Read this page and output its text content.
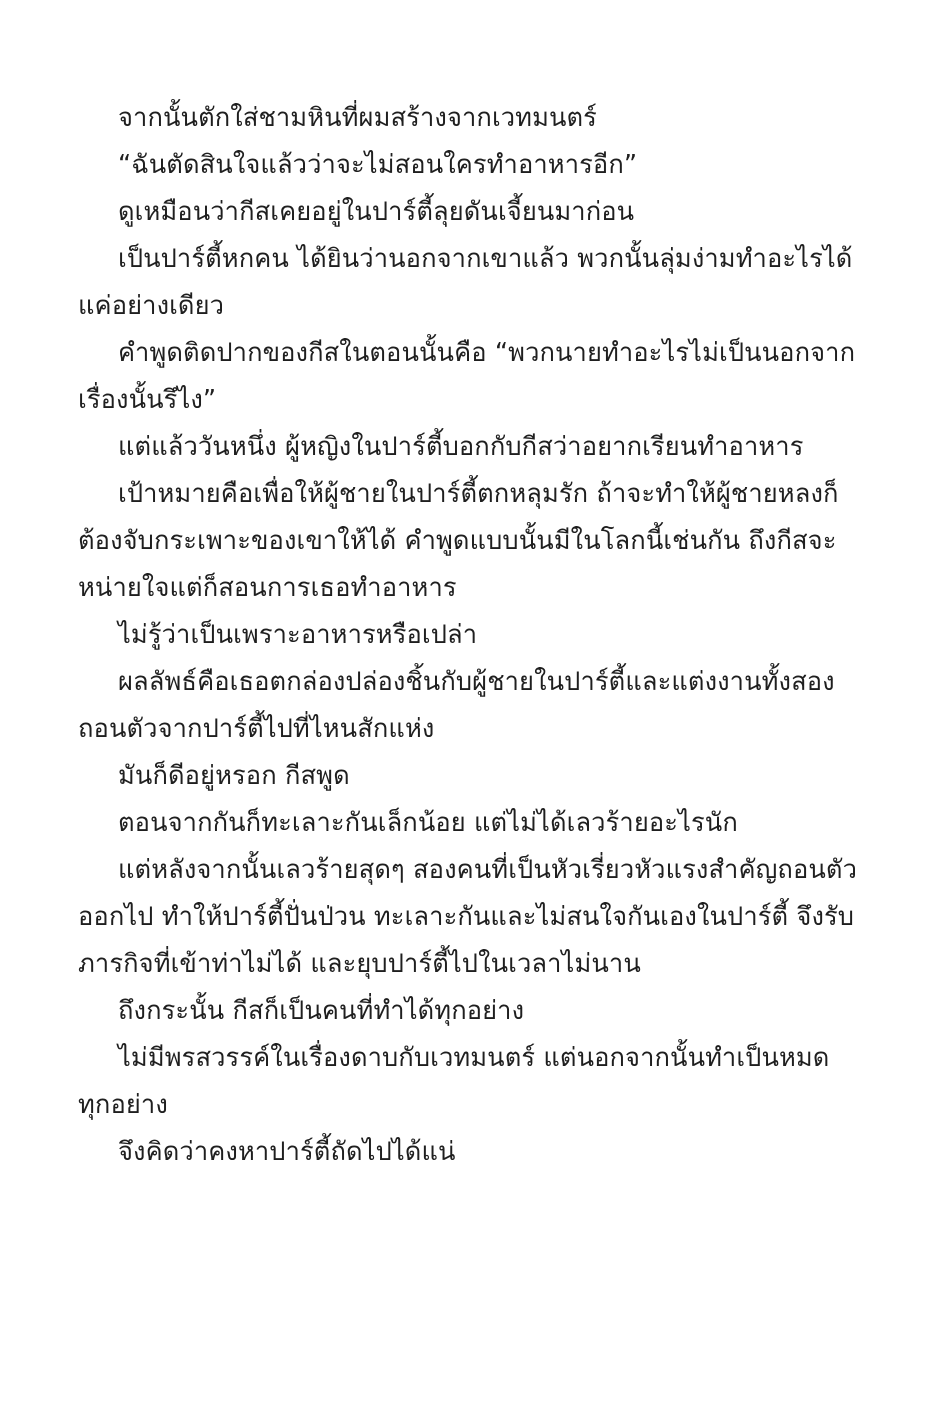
จากนั้นตักใส่ชามหินที่ผมสร้างจากเวทมนตร์

“ฉันตัดสินใจแล้วว่าจะไม่สอนใครทำอาหารอีก”

ดูเหมือนว่ากีสเคยอยู่ในปาร์ตี้ลุยดันเจี้ยนมาก่อน

เป็นปาร์ตี้หกคน ได้ยินว่านอกจากเขาแล้ว พวกนั้นลุ่มง่ามทำอะไรได้แค่อย่างเดียว

คำพูดติดปากของกีสในตอนนั้นคือ “พวกนายทำอะไรไม่เป็นนอกจากเรื่องนั้นรึไง”

แต่แล้ววันหนึ่ง ผู้หญิงในปาร์ตี้บอกกับกีสว่าอยากเรียนทำอาหาร

เป้าหมายคือเพื่อให้ผู้ชายในปาร์ตี้ตกหลุมรัก ถ้าจะทำให้ผู้ชายหลงก็ต้องจับกระเพาะของเขาให้ได้ คำพูดแบบนั้นมีในโลกนี้เช่นกัน ถึงกีสจะหน่ายใจแต่ก็สอนการเธอทำอาหาร

ไม่รู้ว่าเป็นเพราะอาหารหรือเปล่า

ผลลัพธ์คือเธอตกล่องปล่องชิ้นกับผู้ชายในปาร์ตี้และแต่งงานทั้งสองถอนตัวจากปาร์ตี้ไปที่ไหนสักแห่ง

มันก็ดีอยู่หรอก กีสพูด

ตอนจากกันก็ทะเลาะกันเล็กน้อย แต่ไม่ได้เลวร้ายอะไรนัก

แต่หลังจากนั้นเลวร้ายสุดๆ สองคนที่เป็นหัวเรี่ยวหัวแรงสำคัญถอนตัวออกไป ทำให้ปาร์ตี้ปั่นป่วน ทะเลาะกันและไม่สนใจกันเองในปาร์ตี้ จึงรับภารกิจที่เข้าท่าไม่ได้ และยุบปาร์ตี้ไปในเวลาไม่นาน

ถึงกระนั้น กีสก็เป็นคนที่ทำได้ทุกอย่าง

ไม่มีพรสวรรค์ในเรื่องดาบกับเวทมนตร์ แต่นอกจากนั้นทำเป็นหมดทุกอย่าง

จึงคิดว่าคงหาปาร์ตี้ถัดไปได้แน่
